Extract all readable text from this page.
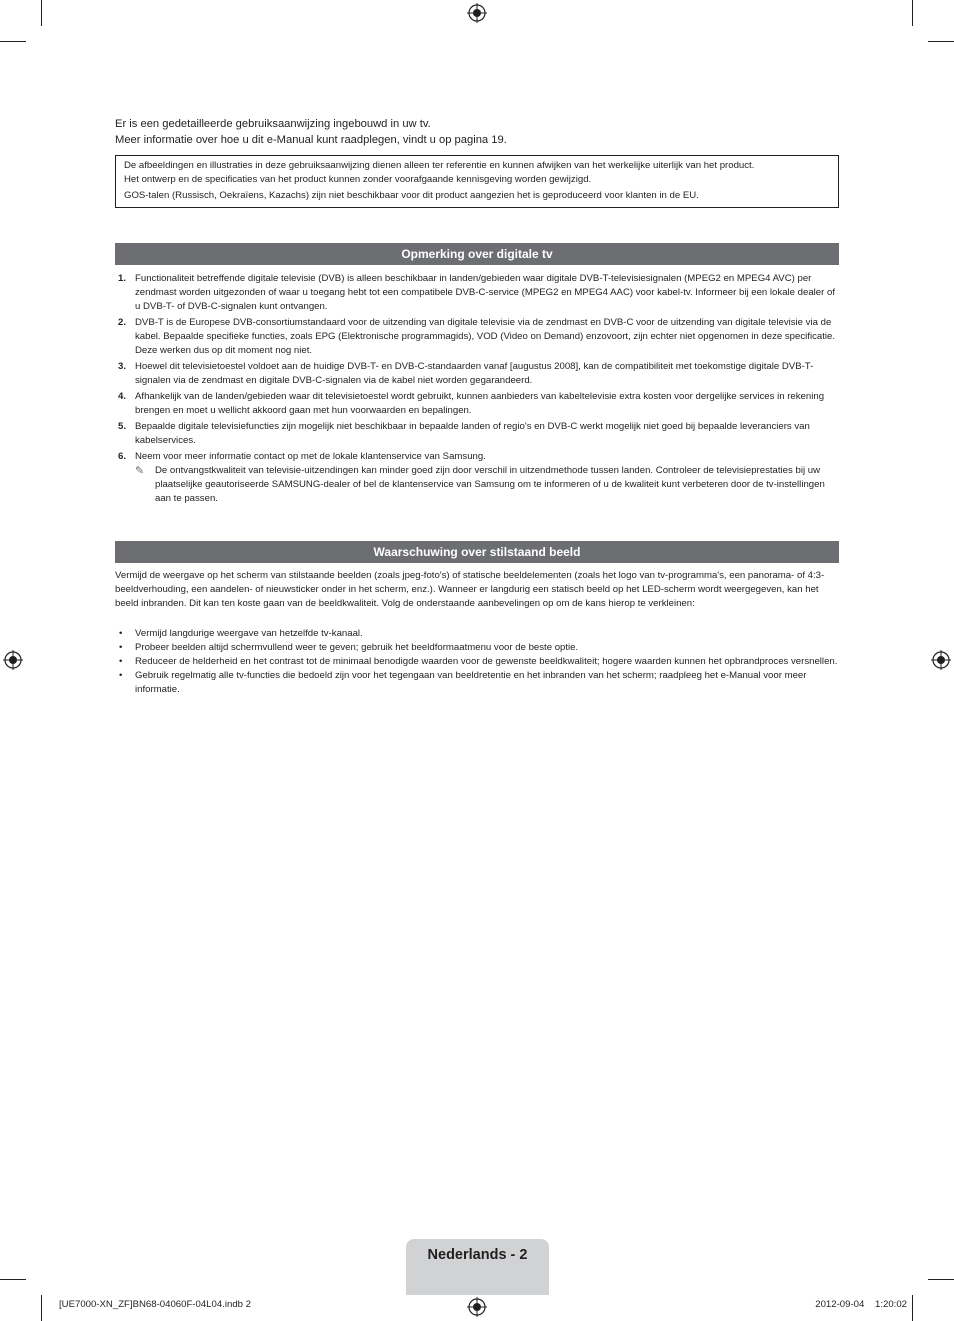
Er is een gedetailleerde gebruiksaanwijzing ingebouwd in uw tv.
Meer informatie over hoe u dit e-Manual kunt raadplegen, vindt u op pagina 19.
De afbeeldingen en illustraties in deze gebruiksaanwijzing dienen alleen ter referentie en kunnen afwijken van het werkelijke uiterlijk van het product.
Het ontwerp en de specificaties van het product kunnen zonder voorafgaande kennisgeving worden gewijzigd.
GOS-talen (Russisch, Oekraïens, Kazachs) zijn niet beschikbaar voor dit product aangezien het is geproduceerd voor klanten in de EU.
Opmerking over digitale tv
1. Functionaliteit betreffende digitale televisie (DVB) is alleen beschikbaar in landen/gebieden waar digitale DVB-T-televisiesignalen (MPEG2 en MPEG4 AVC) per zendmast worden uitgezonden of waar u toegang hebt tot een compatibele DVB-C-service (MPEG2 en MPEG4 AAC) voor kabel-tv. Informeer bij een lokale dealer of u DVB-T- of DVB-C-signalen kunt ontvangen.
2. DVB-T is de Europese DVB-consortiumstandaard voor de uitzending van digitale televisie via de zendmast en DVB-C voor de uitzending van digitale televisie via de kabel. Bepaalde specifieke functies, zoals EPG (Elektronische programmagids), VOD (Video on Demand) enzovoort, zijn echter niet opgenomen in deze specificatie. Deze werken dus op dit moment nog niet.
3. Hoewel dit televisietoestel voldoet aan de huidige DVB-T- en DVB-C-standaarden vanaf [augustus 2008], kan de compatibiliteit met toekomstige digitale DVB-T-signalen via de zendmast en digitale DVB-C-signalen via de kabel niet worden gegarandeerd.
4. Afhankelijk van de landen/gebieden waar dit televisietoestel wordt gebruikt, kunnen aanbieders van kabeltelevisie extra kosten voor dergelijke services in rekening brengen en moet u wellicht akkoord gaan met hun voorwaarden en bepalingen.
5. Bepaalde digitale televisiefuncties zijn mogelijk niet beschikbaar in bepaalde landen of regio's en DVB-C werkt mogelijk niet goed bij bepaalde leveranciers van kabelservices.
6. Neem voor meer informatie contact op met de lokale klantenservice van Samsung.
✎ De ontvangstkwaliteit van televisie-uitzendingen kan minder goed zijn door verschil in uitzendmethode tussen landen. Controleer de televisieprestaties bij uw plaatselijke geautoriseerde SAMSUNG-dealer of bel de klantenservice van Samsung om te informeren of u de kwaliteit kunt verbeteren door de tv-instellingen aan te passen.
Waarschuwing over stilstaand beeld
Vermijd de weergave op het scherm van stilstaande beelden (zoals jpeg-foto's) of statische beeldelementen (zoals het logo van tv-programma's, een panorama- of 4:3-beeldverhouding, een aandelen- of nieuwsticker onder in het scherm, enz.). Wanneer er langdurig een statisch beeld op het LED-scherm wordt weergegeven, kan het beeld inbranden. Dit kan ten koste gaan van de beeldkwaliteit. Volg de onderstaande aanbevelingen op om de kans hierop te verkleinen:
• Vermijd langdurige weergave van hetzelfde tv-kanaal.
• Probeer beelden altijd schermvullend weer te geven; gebruik het beeldformaatmenu voor de beste optie.
• Reduceer de helderheid en het contrast tot de minimaal benodigde waarden voor de gewenste beeldkwaliteit; hogere waarden kunnen het opbrandproces versnellen.
• Gebruik regelmatig alle tv-functies die bedoeld zijn voor het tegengaan van beeldretentie en het inbranden van het scherm; raadpleeg het e-Manual voor meer informatie.
Nederlands - 2
[UE7000-XN_ZF]BN68-04060F-04L04.indb 2	2012-09-04    1:20:02
